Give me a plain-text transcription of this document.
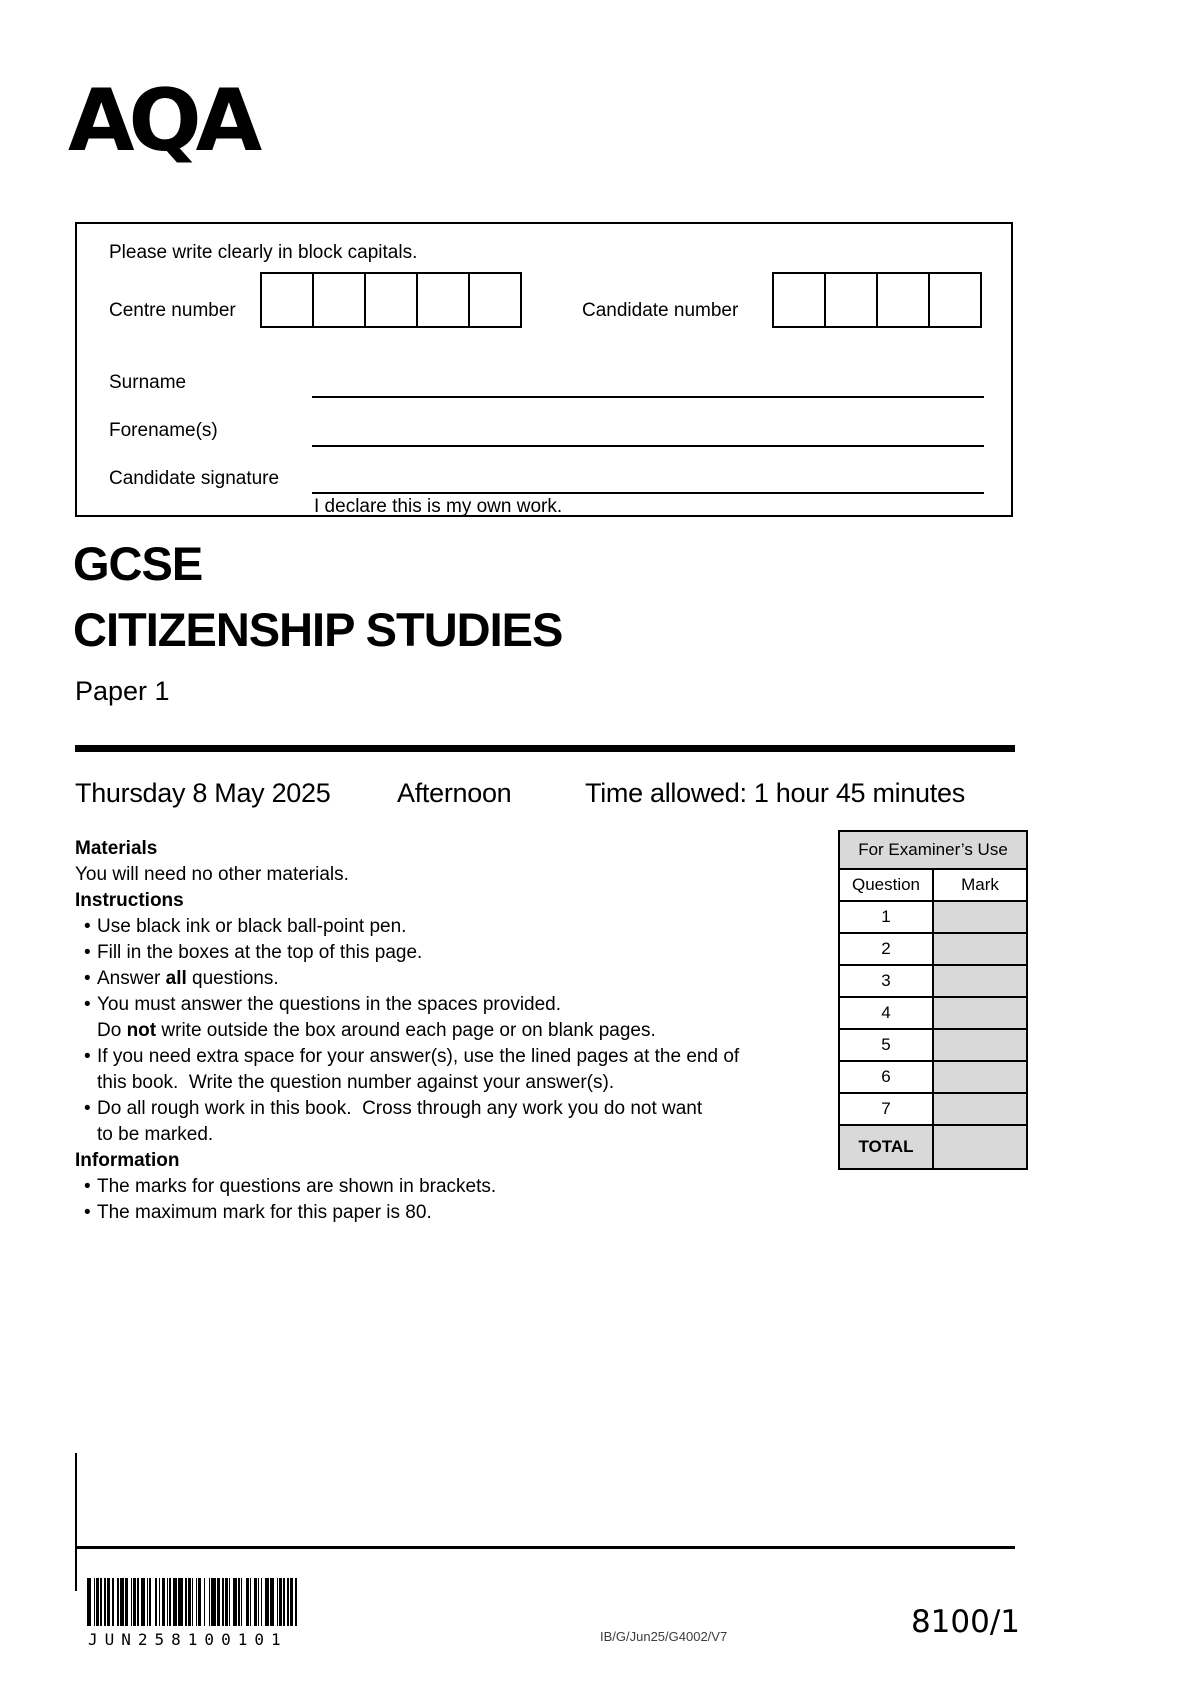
AQA
Please write clearly in block capitals.
Centre number	Candidate number
Surname
Forename(s)
Candidate signature
I declare this is my own work.
GCSE
CITIZENSHIP STUDIES
Paper 1
Thursday 8 May 2025 Afternoon	Time allowed: 1 hour 45 minutes
Materials

You will need no other materials.

Instructions
• Use black ink or black ball-point pen.
• Fill in the boxes at the top of this page.
• Answer all questions.
• You must answer the questions in the spaces provided.
Do not write outside the box around each page or on blank pages.
• If you need extra space for your answer(s), use the lined pages at the end of
this book.  Write the question number against your answer(s).
• Do all rough work in this book.  Cross through any work you do not want
to be marked.
Information
• The marks for questions are shown in brackets.
• The maximum mark for this paper is 80.
For Examiner’s Use	
Question	Mark
1	
2	
3	
4	
5	
6	
7	
TOTAL	
JUN258100101	IB/G/Jun25/G4002/V7	8100/1
